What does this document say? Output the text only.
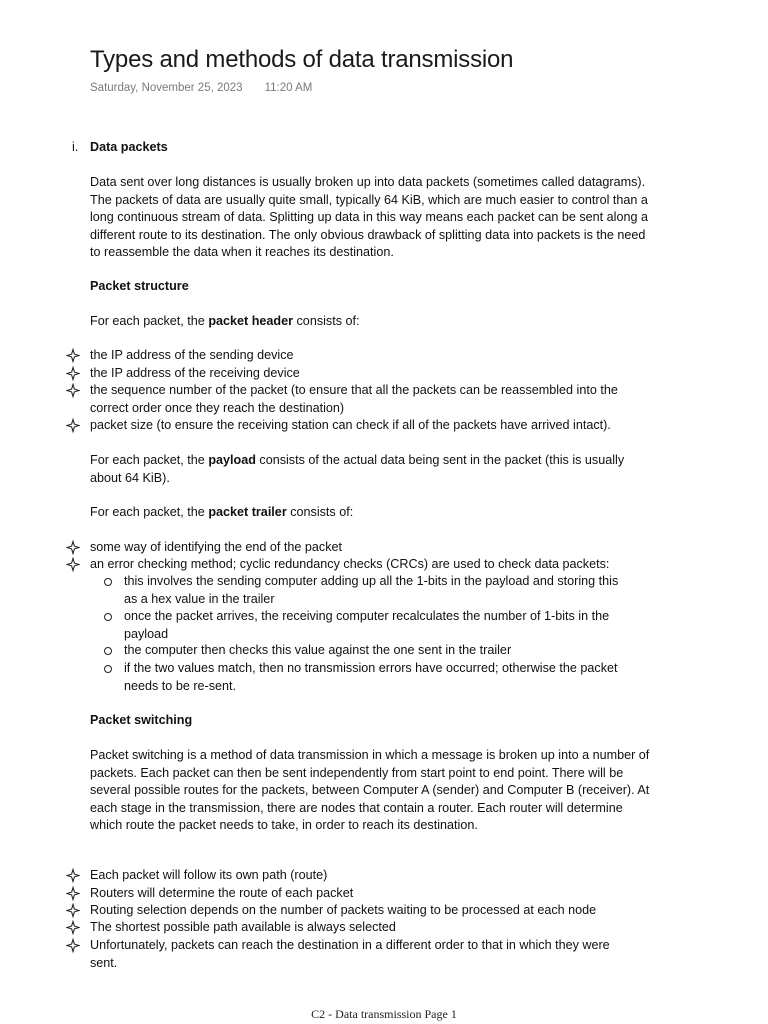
Types and methods of data transmission
Saturday, November 25, 2023 11:20 AM
i. Data packets

Data sent over long distances is usually broken up into data packets (sometimes called datagrams). The packets of data are usually quite small, typically 64 KiB, which are much easier to control than a long continuous stream of data. Splitting up data in this way means each packet can be sent along a different route to its destination. The only obvious drawback of splitting data into packets is the need to reassemble the data when it reaches its destination.

Packet structure

For each packet, the packet header consists of:

the IP address of the sending device
the IP address of the receiving device
the sequence number of the packet (to ensure that all the packets can be reassembled into the correct order once they reach the destination)
packet size (to ensure the receiving station can check if all of the packets have arrived intact).

For each packet, the payload consists of the actual data being sent in the packet (this is usually about 64 KiB).

For each packet, the packet trailer consists of:

some way of identifying the end of the packet
an error checking method; cyclic redundancy checks (CRCs) are used to check data packets:
this involves the sending computer adding up all the 1-bits in the payload and storing this as a hex value in the trailer
once the packet arrives, the receiving computer recalculates the number of 1-bits in the payload
the computer then checks this value against the one sent in the trailer
if the two values match, then no transmission errors have occurred; otherwise the packet needs to be re-sent.

Packet switching

Packet switching is a method of data transmission in which a message is broken up into a number of packets. Each packet can then be sent independently from start point to end point. There will be several possible routes for the packets, between Computer A (sender) and Computer B (receiver). At each stage in the transmission, there are nodes that contain a router. Each router will determine which route the packet needs to take, in order to reach its destination.

Each packet will follow its own path (route)
Routers will determine the route of each packet
Routing selection depends on the number of packets waiting to be processed at each node
The shortest possible path available is always selected
Unfortunately, packets can reach the destination in a different order to that in which they were sent.
C2 - Data transmission Page 1
